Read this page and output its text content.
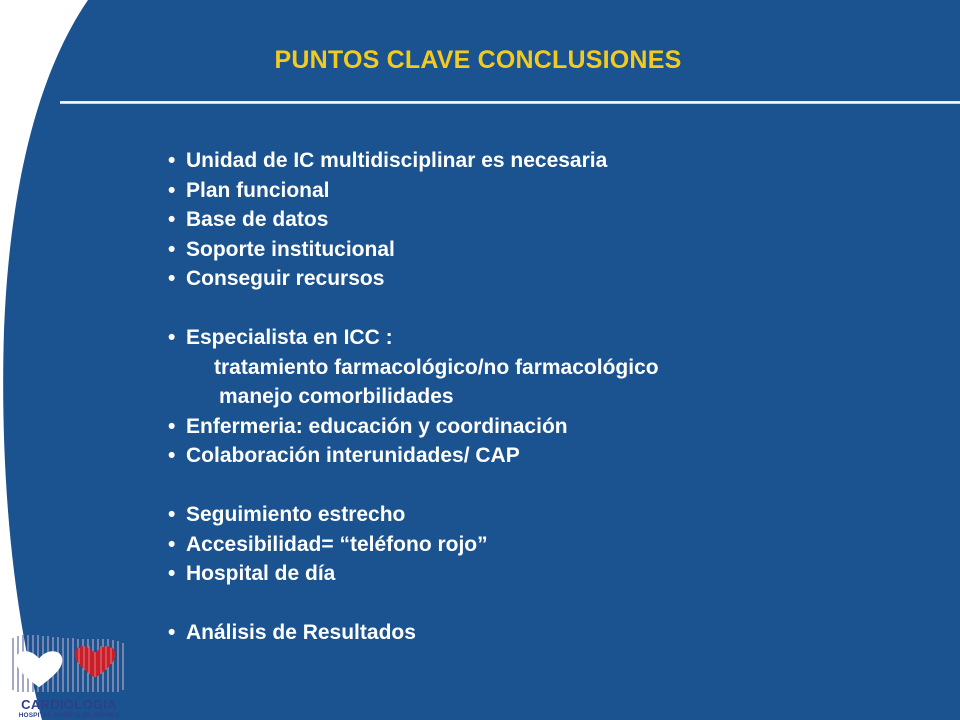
PUNTOS CLAVE CONCLUSIONES
• Unidad de IC multidisciplinar es necesaria
• Plan funcional
• Base de datos
• Soporte institucional
• Conseguir recursos
• Especialista en ICC :
tratamiento farmacológico/no farmacológico
manejo comorbilidades
• Enfermeria: educación y coordinación
• Colaboración interunidades/ CAP
• Seguimiento estrecho
• Accesibilidad= “teléfono rojo”
• Hospital de día
• Análisis de Resultados
CARDIOLOGIA
HOSPITAL PUERTA DE HIERRO
